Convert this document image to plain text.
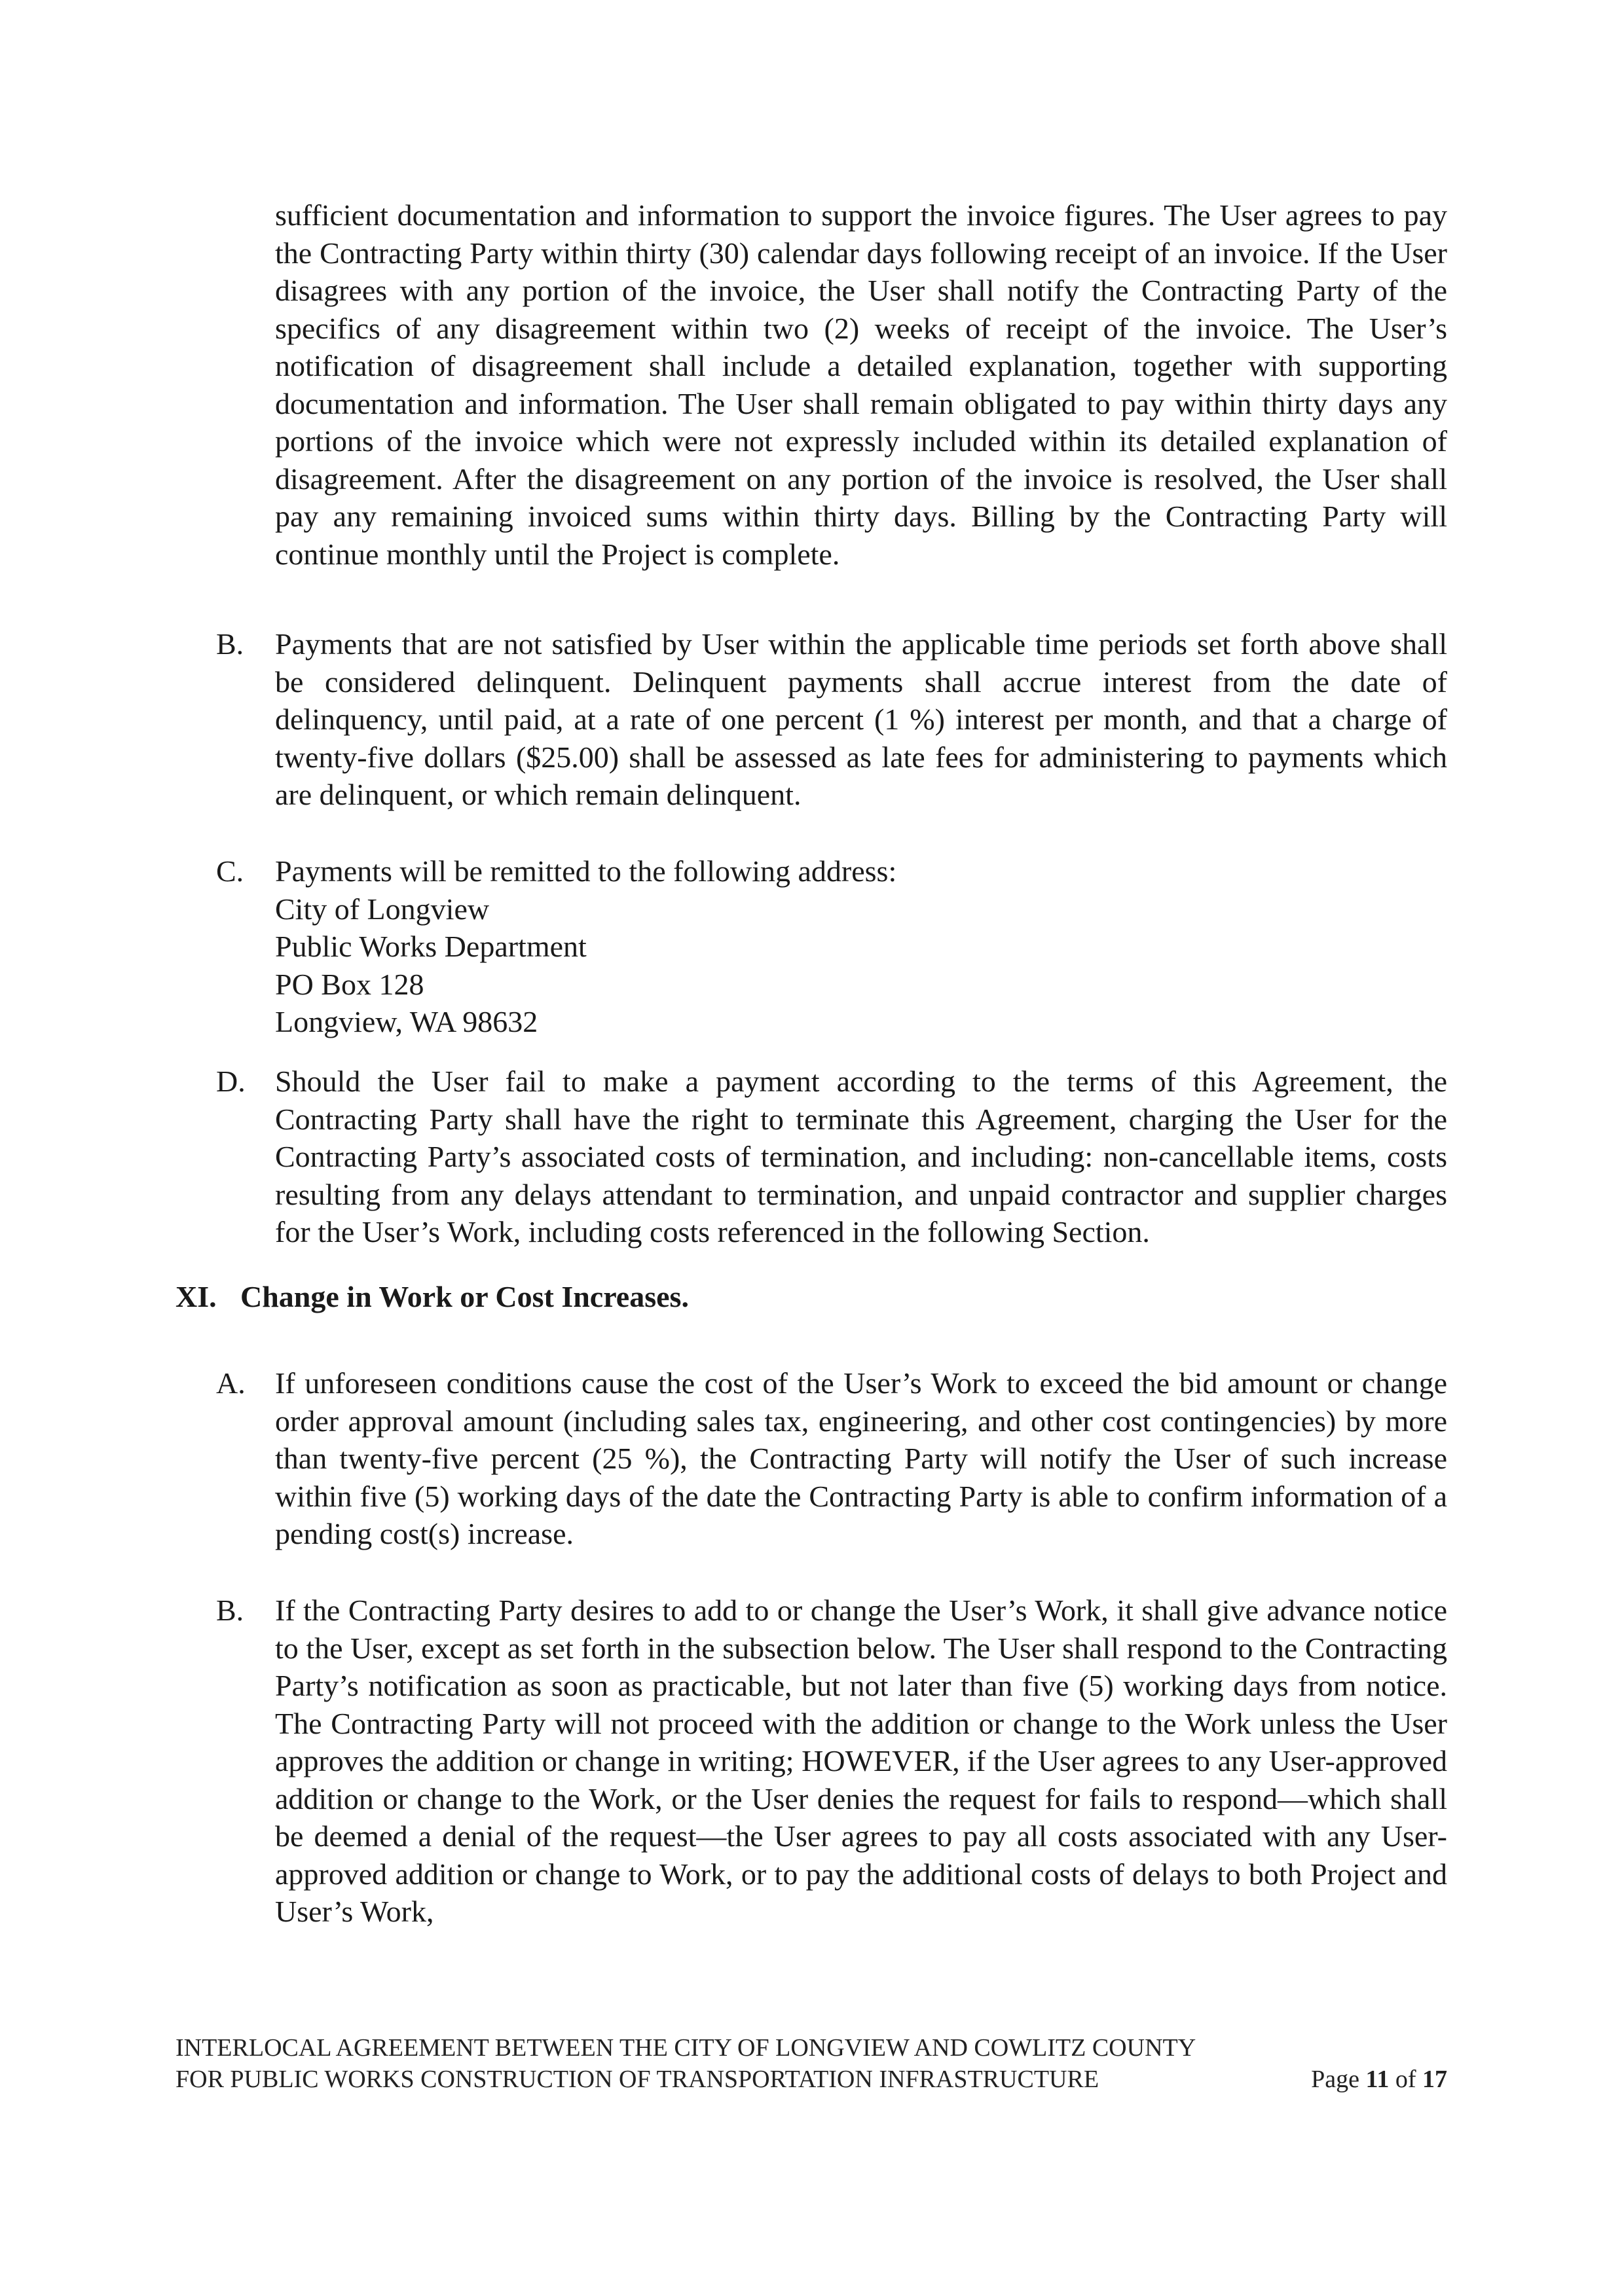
sufficient documentation and information to support the invoice figures. The User agrees to pay the Contracting Party within thirty (30) calendar days following receipt of an invoice. If the User disagrees with any portion of the invoice, the User shall notify the Contracting Party of the specifics of any disagreement within two (2) weeks of receipt of the invoice. The User’s notification of disagreement shall include a detailed explanation, together with supporting documentation and information. The User shall remain obligated to pay within thirty days any portions of the invoice which were not expressly included within its detailed explanation of disagreement. After the disagreement on any portion of the invoice is resolved, the User shall pay any remaining invoiced sums within thirty days. Billing by the Contracting Party will continue monthly until the Project is complete.
B. Payments that are not satisfied by User within the applicable time periods set forth above shall be considered delinquent. Delinquent payments shall accrue interest from the date of delinquency, until paid, at a rate of one percent (1 %) interest per month, and that a charge of twenty-five dollars ($25.00) shall be assessed as late fees for administering to payments which are delinquent, or which remain delinquent.
C. Payments will be remitted to the following address:
City of Longview
Public Works Department
PO Box 128
Longview, WA 98632
D. Should the User fail to make a payment according to the terms of this Agreement, the Contracting Party shall have the right to terminate this Agreement, charging the User for the Contracting Party’s associated costs of termination, and including: non-cancellable items, costs resulting from any delays attendant to termination, and unpaid contractor and supplier charges for the User’s Work, including costs referenced in the following Section.
XI. Change in Work or Cost Increases.
A. If unforeseen conditions cause the cost of the User’s Work to exceed the bid amount or change order approval amount (including sales tax, engineering, and other cost contingencies) by more than twenty-five percent (25 %), the Contracting Party will notify the User of such increase within five (5) working days of the date the Contracting Party is able to confirm information of a pending cost(s) increase.
B. If the Contracting Party desires to add to or change the User’s Work, it shall give advance notice to the User, except as set forth in the subsection below. The User shall respond to the Contracting Party’s notification as soon as practicable, but not later than five (5) working days from notice. The Contracting Party will not proceed with the addition or change to the Work unless the User approves the addition or change in writing; HOWEVER, if the User agrees to any User-approved addition or change to the Work, or the User denies the request for fails to respond—which shall be deemed a denial of the request—the User agrees to pay all costs associated with any User-approved addition or change to Work, or to pay the additional costs of delays to both Project and User’s Work,
INTERLOCAL AGREEMENT BETWEEN THE CITY OF LONGVIEW AND COWLITZ COUNTY
FOR PUBLIC WORKS CONSTRUCTION OF TRANSPORTATION INFRASTRUCTURE	Page 11 of 17
